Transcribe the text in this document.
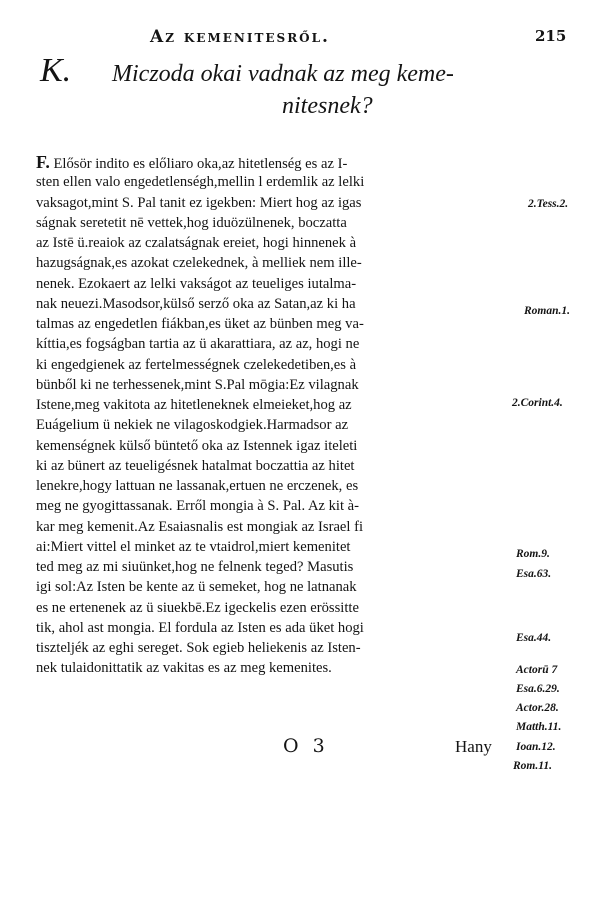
Az kemenitesről.	215
K. Miczoda okai vadnak az meg keme-
nitesnek?
F. Elősör indito es előliaro oka,az hitetlenség es az I-
sten ellen valo engedetlenségh,mellin l erdemlik az lelki
vaksagot,mint S. Pal tanit ez igekben: Miert hog az igas
ságnak seretetit nē vettek,hog iduözülnenek, boczatta
az Istē ü.reaiok az czalatságnak ereiet, hogi hinnenek à
hazugságnak,es azokat czelekednek, à melliek nem ille-
nenek. Ezokaert az lelki vakságot az teueliges iutalma-
nak neuezi.Masodsor,külső serző oka az Satan,az ki ha
talmas az engedetlen fiákban,es üket az bünben meg va-
kíttia,es fogságban tartia az ü akarattiara, az az, hogi ne
ki engedgienek az fertelmességnek czelekedetiben,es à
bünből ki ne terhessenek,mint S.Pal mōgia:Ez vilagnak
Istene,meg vakitota az hitetleneknek elmeieket,hog az
Euágelium ü nekiek ne vilagoskodgiek.Harmadsor az
kemenségnek külső büntető oka az Istennek igaz iteleti
ki az bünert az teueligésnek hatalmat boczattia az hitet
lenekre,hogy lattuan ne lassanak,ertuen ne erczenek, es
meg ne gyogittassanak. Erről mongia à S. Pal. Az kit à-
kar meg kemenit.Az Esaiasnalis est mongiak az Israel fi
ai:Miert vittel el minket az te vtaidrol,miert kemenitet
ted meg az mi siuünket,hog ne felnenk teged? Masutis
igi sol:Az Isten be kente az ü semeket, hog ne latnanak
es ne ertenenek az ü siuekbē.Ez igeckelis ezen erössitte
tik, ahol ast mongia. El fordula az Isten es ada üket hogi
tiszteljék az eghi sereget. Sok egieb heliekenis az Isten-
nek tulaidonittatik az vakitas es az meg kemenites.
2.Tess.2.
Roman.1.
2.Corint.4.
Rom.9.
Esa.63.
Esa.44.
Actorū 7
Esa.6.29.
Actor.28.
Matth.11.
Ioan.12.
Rom.11.
O 3	Hany
